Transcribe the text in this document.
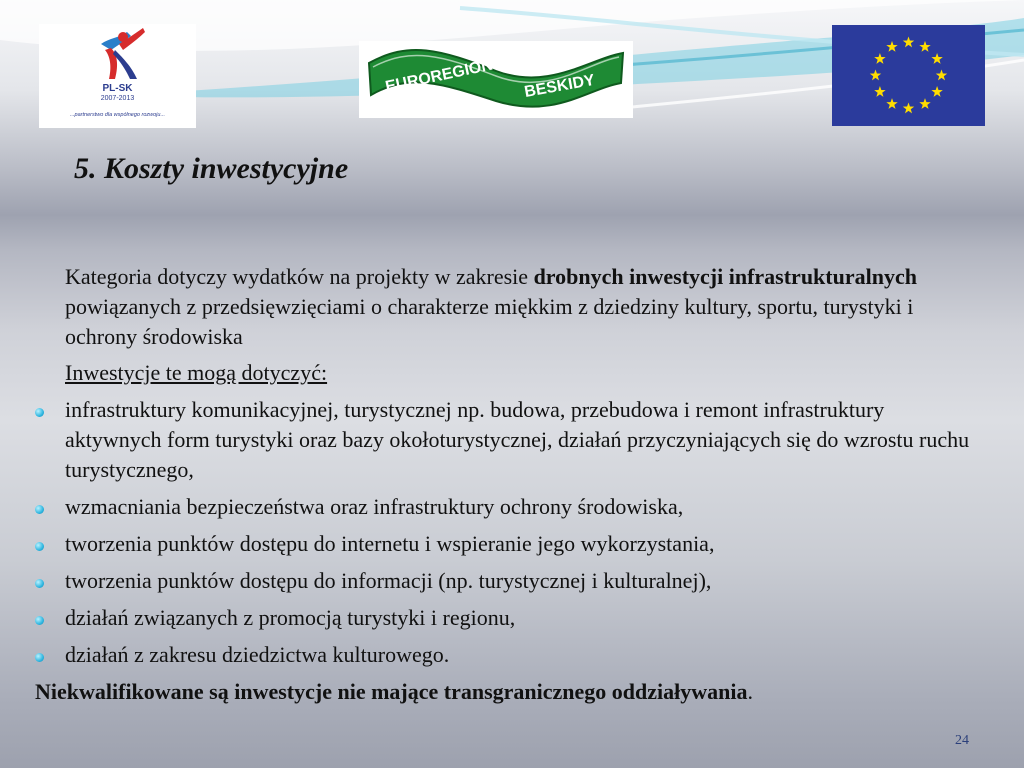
PL-SK
2007-2013
...partnerstwo dla wspólnego rozwoju...
EUROREGION BESKIDY
5. Koszty inwestycyjne

Kategoria dotyczy wydatków na projekty w zakresie drobnych inwestycji infrastrukturalnych powiązanych z przedsięwzięciami o charakterze miękkim z dziedziny kultury, sportu, turystyki i ochrony środowiska

Inwestycje te mogą dotyczyć:

infrastruktury komunikacyjnej, turystycznej np. budowa, przebudowa i remont infrastruktury aktywnych form turystyki oraz bazy okołoturystycznej, działań przyczyniających się do wzrostu ruchu turystycznego,
wzmacniania bezpieczeństwa oraz infrastruktury ochrony środowiska,
tworzenia punktów dostępu do internetu i wspieranie jego wykorzystania,
tworzenia punktów dostępu do informacji (np. turystycznej i kulturalnej),
działań związanych z promocją turystyki i regionu,
działań z zakresu dziedzictwa kulturowego.

Niekwalifikowane są inwestycje nie mające transgranicznego oddziaływania.

24
